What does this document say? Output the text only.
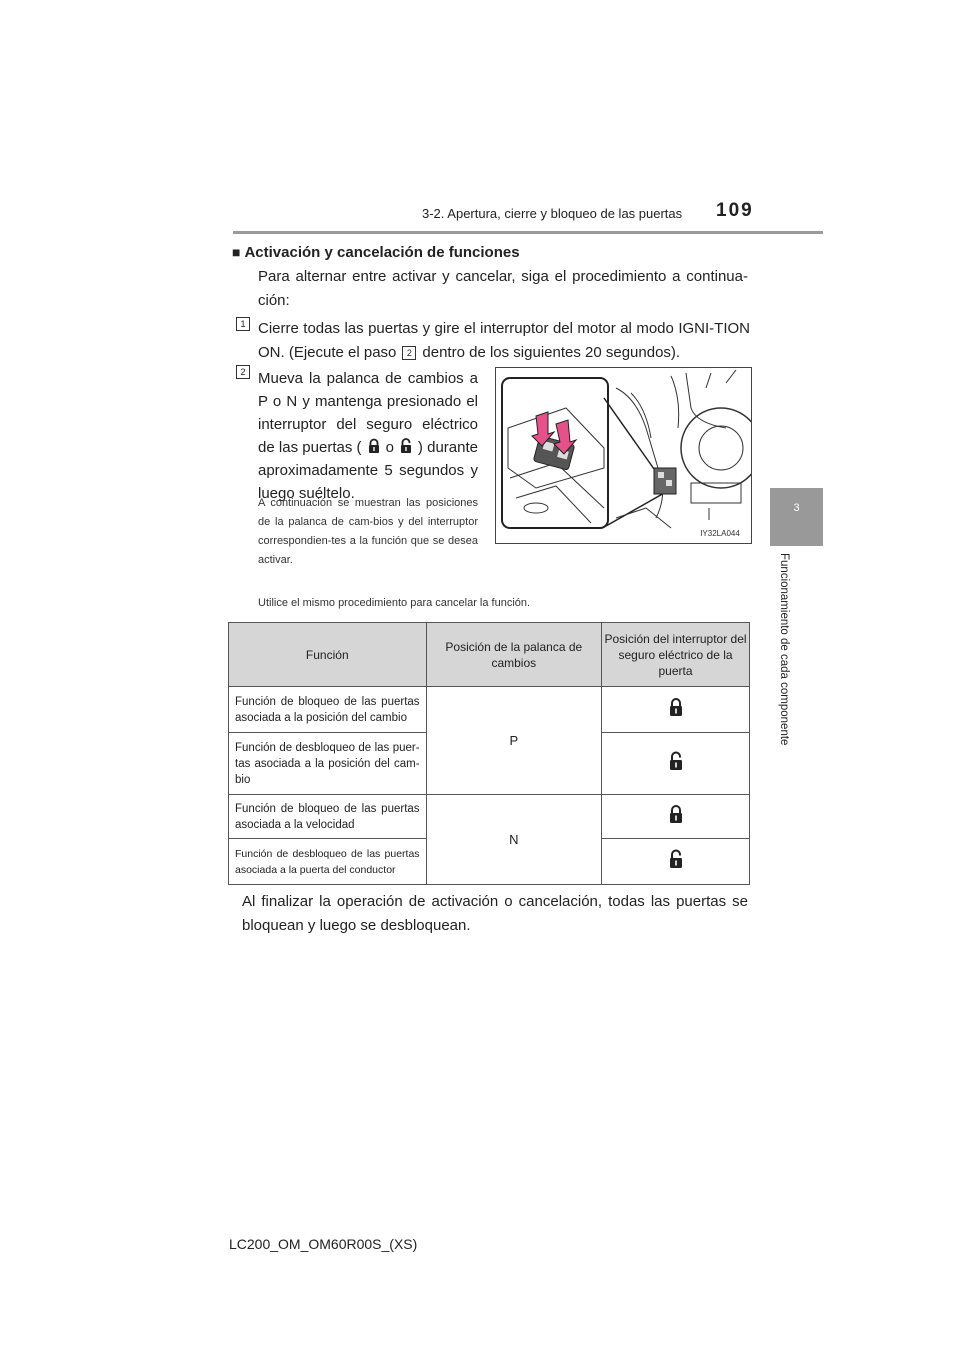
3-2. Apertura, cierre y bloqueo de las puertas 109
3
Funcionamiento de cada componente
■ Activación y cancelación de funciones
Para alternar entre activar y cancelar, siga el procedimiento a continua-ción:
1 Cierre todas las puertas y gire el interruptor del motor al modo IGNI-TION ON. (Ejecute el paso 2 dentro de los siguientes 20 segundos).
2 Mueva la palanca de cambios a P o N y mantenga presionado el interruptor del seguro eléctrico de las puertas ( o ) durante aproximadamente 5 segundos y luego suéltelo.
A continuación se muestran las posiciones de la palanca de cam-bios y del interruptor correspondien-tes a la función que se desea activar.
Utilice el mismo procedimiento para cancelar la función.
IY32LA044
Función	Posición de la palanca de cambios	Posición del interruptor del seguro eléctrico de la puerta
Función de bloqueo de las puertas asociada a la posición del cambio	P	
Función de desbloqueo de las puer-tas asociada a la posición del cam-bio	
Función de bloqueo de las puertas asociada a la velocidad	N	
Función de desbloqueo de las puertas asociada a la puerta del conductor	
Al finalizar la operación de activación o cancelación, todas las puertas se bloquean y luego se desbloquean.
LC200_OM_OM60R00S_(XS)
